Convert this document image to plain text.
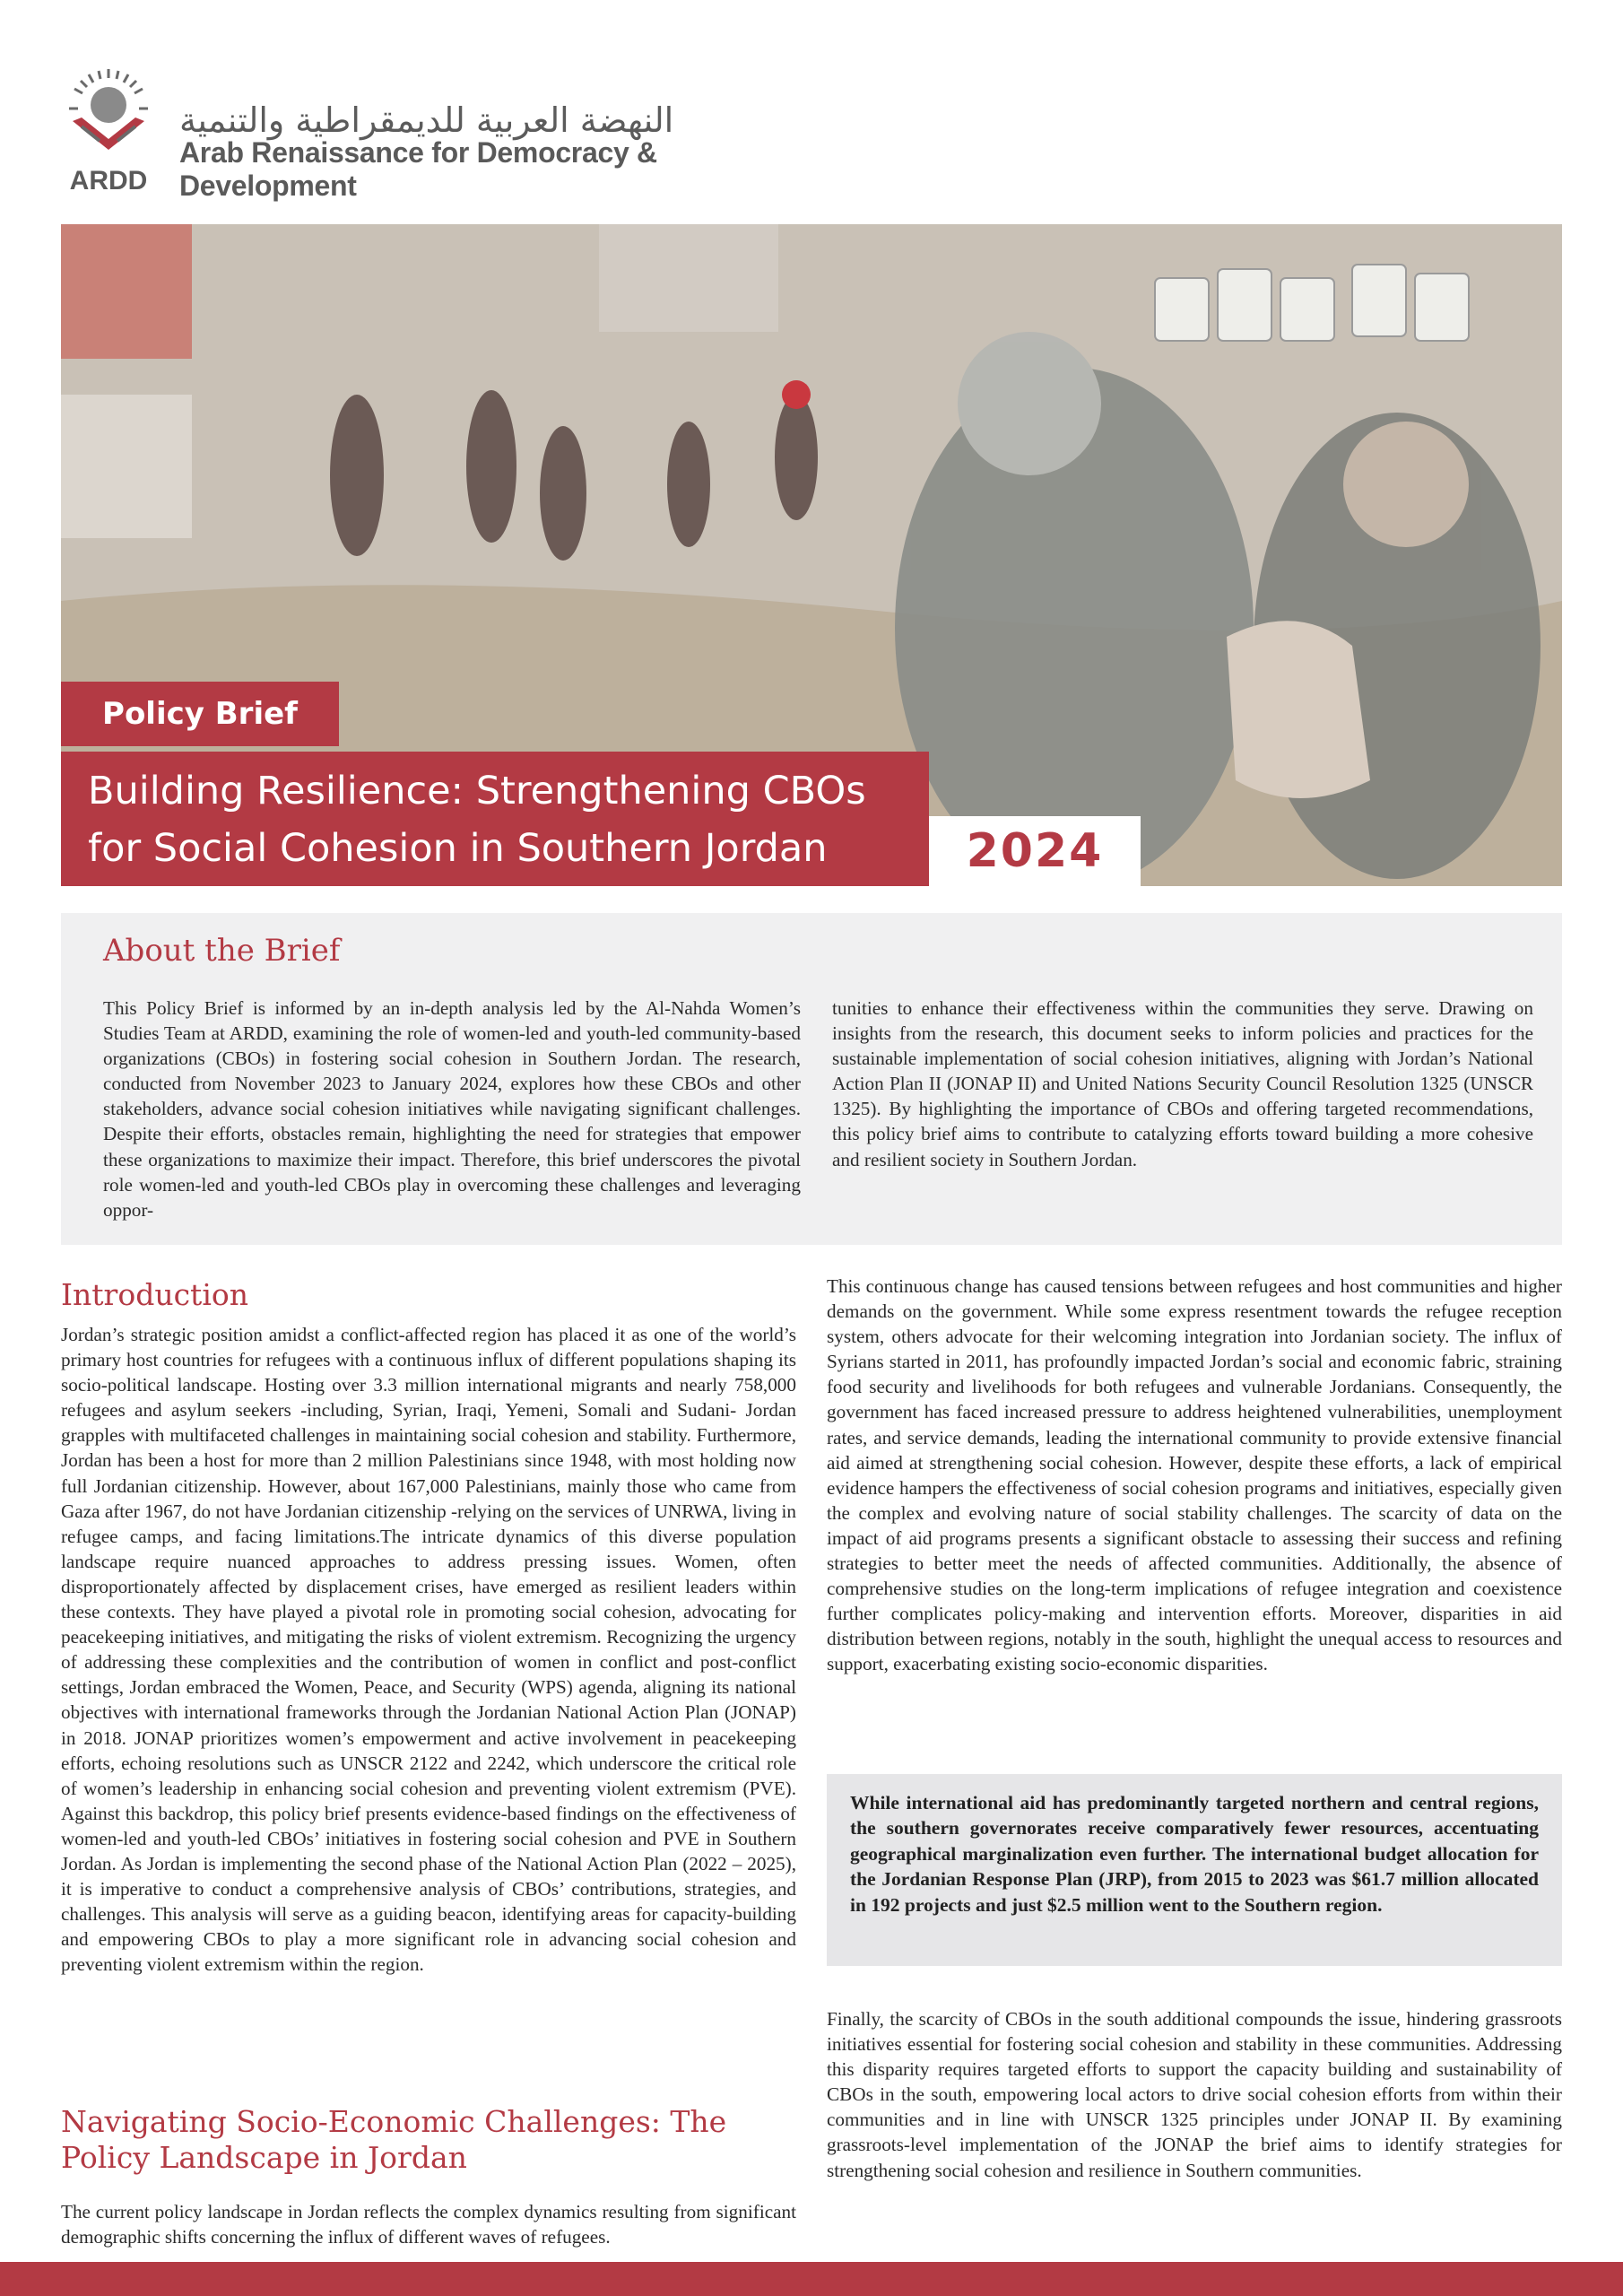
ARDD
النهضة العربية للديمقراطية والتنمية
Arab Renaissance for Democracy & Development
Policy Brief
Building Resilience: Strengthening CBOs
for Social Cohesion in Southern Jordan	2024
About the Brief
This Policy Brief is informed by an in-depth analysis led by the Al-Nahda Women’s Studies Team at ARDD, examining the role of women-led and youth-led community-based organizations (CBOs) in fostering social cohesion in Southern Jordan. The research, conducted from November 2023 to January 2024, explores how these CBOs and other stakeholders, advance social cohesion initiatives while navigating significant challenges. Despite their efforts, obstacles remain, highlighting the need for strategies that empower these organizations to maximize their impact. Therefore, this brief underscores the pivotal role women-led and youth-led CBOs play in overcoming these challenges and leveraging oppor-
tunities to enhance their effectiveness within the communities they serve. Drawing on insights from the research, this document seeks to inform policies and practices for the sustainable implementation of social cohesion initiatives, aligning with Jordan’s National Action Plan II (JONAP II) and United Nations Security Council Resolution 1325 (UNSCR 1325). By highlighting the importance of CBOs and offering targeted recommendations, this policy brief aims to contribute to catalyzing efforts toward building a more cohesive and resilient society in Southern Jordan.
Introduction
Jordan’s strategic position amidst a conflict-affected region has placed it as one of the world’s primary host countries for refugees with a continuous influx of different populations shaping its socio-political landscape. Hosting over 3.3 million international migrants and nearly 758,000 refugees and asylum seekers -including, Syrian, Iraqi, Yemeni, Somali and Sudani- Jordan grapples with multifaceted challenges in maintaining social cohesion and stability. Furthermore, Jordan has been a host for more than 2 million Palestinians since 1948, with most holding now full Jordanian citizenship. However, about 167,000 Palestinians, mainly those who came from Gaza after 1967, do not have Jordanian citizenship -relying on the services of UNRWA, living in refugee camps, and facing limitations.The intricate dynamics of this diverse population landscape require nuanced approaches to address pressing issues. Women, often disproportionately affected by displacement crises, have emerged as resilient leaders within these contexts. They have played a pivotal role in promoting social cohesion, advocating for peacekeeping initiatives, and mitigating the risks of violent extremism. Recognizing the urgency of addressing these complexities and the contribution of women in conflict and post-conflict settings, Jordan embraced the Women, Peace, and Security (WPS) agenda, aligning its national objectives with international frameworks through the Jordanian National Action Plan (JONAP) in 2018. JONAP prioritizes women’s empowerment and active involvement in peacekeeping efforts, echoing resolutions such as UNSCR 2122 and 2242, which underscore the critical role of women’s leadership in enhancing social cohesion and preventing violent extremism (PVE). Against this backdrop, this policy brief presents evidence-based findings on the effectiveness of women-led and youth-led CBOs’ initiatives in fostering social cohesion and PVE in Southern Jordan. As Jordan is implementing the second phase of the National Action Plan (2022 – 2025), it is imperative to conduct a comprehensive analysis of CBOs’ contributions, strategies, and challenges. This analysis will serve as a guiding beacon, identifying areas for capacity-building and empowering CBOs to play a more significant role in advancing social cohesion and preventing violent extremism within the region.
Navigating Socio-Economic Challenges: The
Policy Landscape in Jordan
The current policy landscape in Jordan reflects the complex dynamics resulting from significant demographic shifts concerning the influx of different waves of refugees.
This continuous change has caused tensions between refugees and host communities and higher demands on the government. While some express resentment towards the refugee reception system, others advocate for their welcoming integration into Jordanian society. The influx of Syrians started in 2011, has profoundly impacted Jordan’s social and economic fabric, straining food security and livelihoods for both refugees and vulnerable Jordanians. Consequently, the government has faced increased pressure to address heightened vulnerabilities, unemployment rates, and service demands, leading the international community to provide extensive financial aid aimed at strengthening social cohesion. However, despite these efforts, a lack of empirical evidence hampers the effectiveness of social cohesion programs and initiatives, especially given the complex and evolving nature of social stability challenges. The scarcity of data on the impact of aid programs presents a significant obstacle to assessing their success and refining strategies to better meet the needs of affected communities. Additionally, the absence of comprehensive studies on the long-term implications of refugee integration and coexistence further complicates policy-making and intervention efforts. Moreover, disparities in aid distribution between regions, notably in the south, highlight the unequal access to resources and support, exacerbating existing socio-economic disparities.
While international aid has predominantly targeted northern and central regions, the southern governorates receive comparatively fewer resources, accentuating geographical marginalization even further. The international budget allocation for the Jordanian Response Plan (JRP), from 2015 to 2023 was $61.7 million allocated in 192 projects and just $2.5 million went to the Southern region.
Finally, the scarcity of CBOs in the south additional compounds the issue, hindering grassroots initiatives essential for fostering social cohesion and stability in these communities. Addressing this disparity requires targeted efforts to support the capacity building and sustainability of CBOs in the south, empowering local actors to drive social cohesion efforts from within their communities and in line with UNSCR 1325 principles under JONAP II. By examining grassroots-level implementation of the JONAP the brief aims to identify strategies for strengthening social cohesion and resilience in Southern communities.
